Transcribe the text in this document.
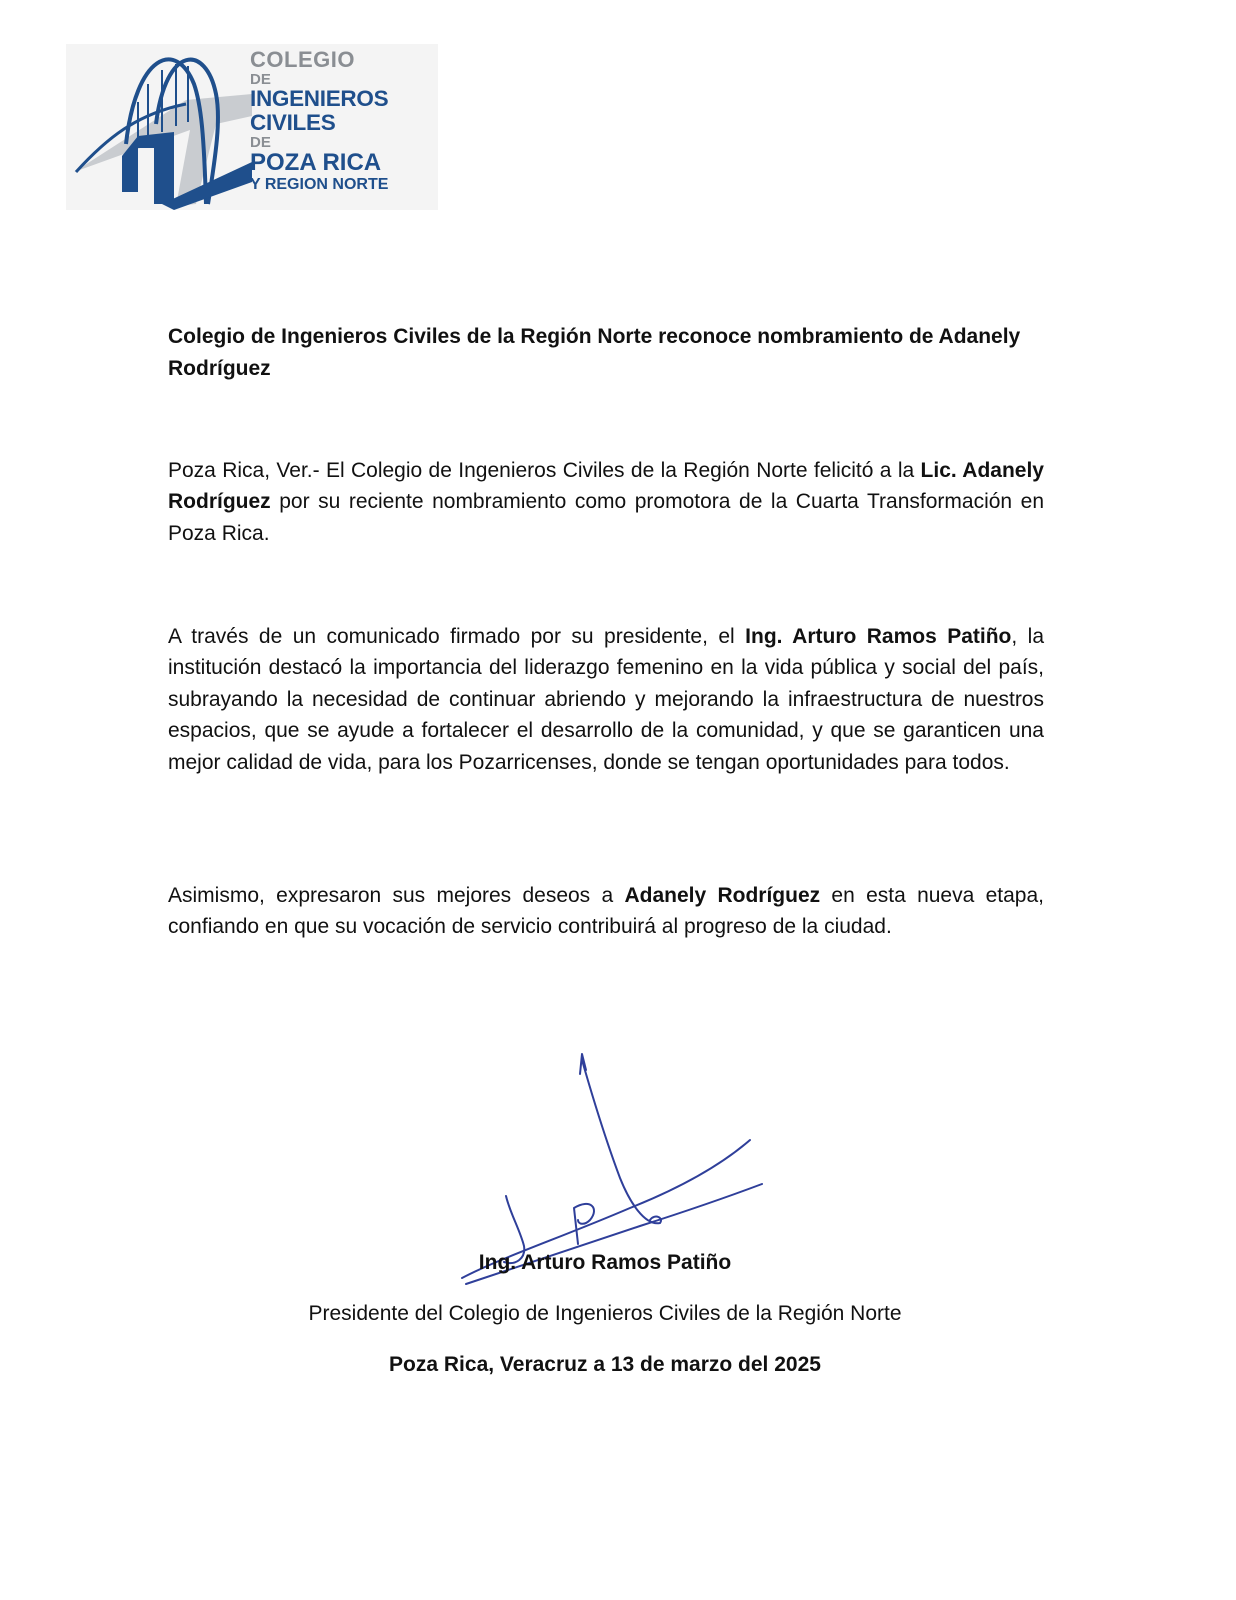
COLEGIO
DE
INGENIEROS
CIVILES
DE
POZA RICA
Y REGION NORTE
Colegio de Ingenieros Civiles de la Región Norte reconoce nombramiento de Adanely Rodríguez

Poza Rica, Ver.- El Colegio de Ingenieros Civiles de la Región Norte felicitó a la Lic. Adanely Rodríguez por su reciente nombramiento como promotora de la Cuarta Transformación en Poza Rica.

A través de un comunicado firmado por su presidente, el Ing. Arturo Ramos Patiño, la institución destacó la importancia del liderazgo femenino en la vida pública y social del país, subrayando la necesidad de continuar abriendo y mejorando la infraestructura de nuestros espacios, que se ayude a fortalecer el desarrollo de la comunidad, y que se garanticen una mejor calidad de vida, para los Pozarricenses, donde se tengan oportunidades para todos.

Asimismo, expresaron sus mejores deseos a Adanely Rodríguez en esta nueva etapa, confiando en que su vocación de servicio contribuirá al progreso de la ciudad.

Ing. Arturo Ramos Patiño

Presidente del Colegio de Ingenieros Civiles de la Región Norte

Poza Rica, Veracruz a 13 de marzo del 2025
